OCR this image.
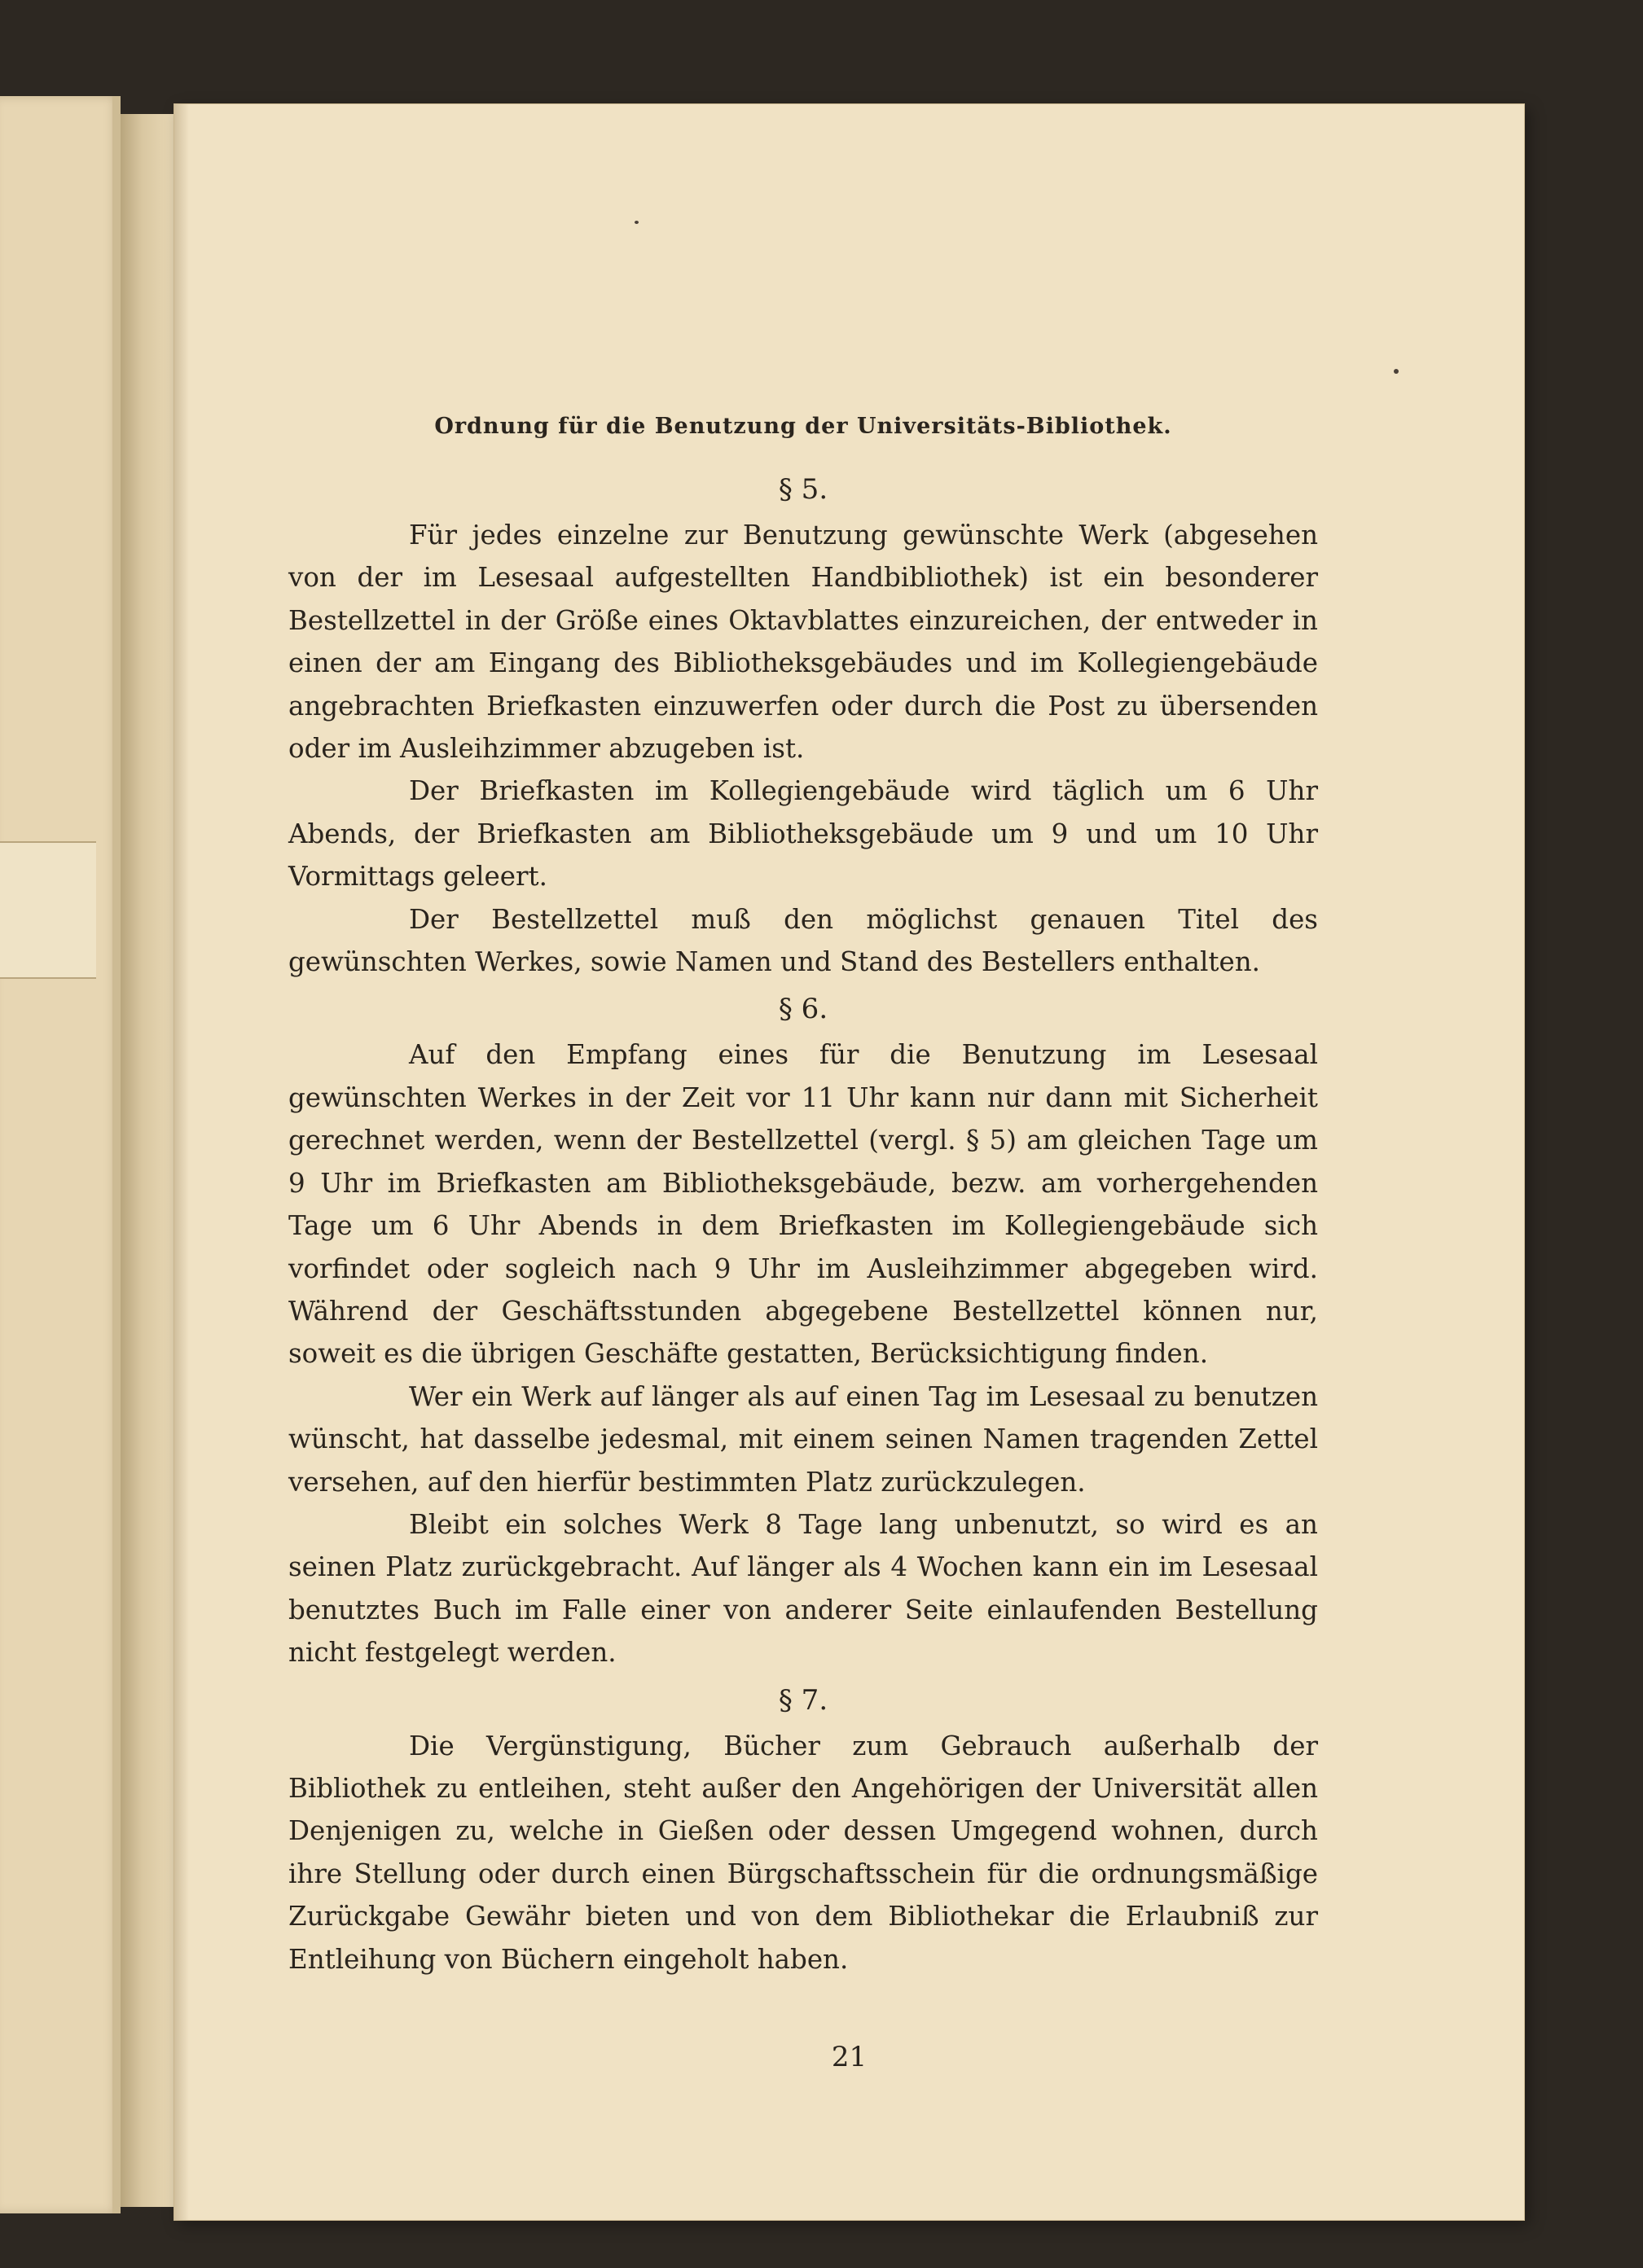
Ordnung für die Benutzung der Universitäts-Bibliothek.
§ 5.

Für jedes einzelne zur Benutzung gewünschte Werk (abgesehen von der im Lesesaal aufgestellten Handbibliothek) ist ein besonderer Bestellzettel in der Größe eines Oktavblattes einzureichen, der entweder in einen der am Eingang des Bibliotheksgebäudes und im Kollegiengebäude angebrachten Briefkasten einzuwerfen oder durch die Post zu übersenden oder im Ausleihzimmer abzugeben ist.

Der Briefkasten im Kollegiengebäude wird täglich um 6 Uhr Abends, der Briefkasten am Bibliotheksgebäude um 9 und um 10 Uhr Vormittags geleert.

Der Bestellzettel muß den möglichst genauen Titel des gewünschten Werkes, sowie Namen und Stand des Bestellers enthalten.

§ 6.

Auf den Empfang eines für die Benutzung im Lesesaal gewünschten Werkes in der Zeit vor 11 Uhr kann nur dann mit Sicherheit gerechnet werden, wenn der Bestellzettel (vergl. § 5) am gleichen Tage um 9 Uhr im Briefkasten am Bibliotheksgebäude, bezw. am vorhergehenden Tage um 6 Uhr Abends in dem Briefkasten im Kollegiengebäude sich vorfindet oder sogleich nach 9 Uhr im Ausleihzimmer abgegeben wird. Während der Geschäftsstunden abgegebene Bestellzettel können nur, soweit es die übrigen Geschäfte gestatten, Berücksichtigung finden.

Wer ein Werk auf länger als auf einen Tag im Lesesaal zu benutzen wünscht, hat dasselbe jedesmal, mit einem seinen Namen tragenden Zettel versehen, auf den hierfür bestimmten Platz zurückzulegen.

Bleibt ein solches Werk 8 Tage lang unbenutzt, so wird es an seinen Platz zurückgebracht. Auf länger als 4 Wochen kann ein im Lesesaal benutztes Buch im Falle einer von anderer Seite einlaufenden Bestellung nicht festgelegt werden.

§ 7.

Die Vergünstigung, Bücher zum Gebrauch außerhalb der Bibliothek zu entleihen, steht außer den Angehörigen der Universität allen Denjenigen zu, welche in Gießen oder dessen Umgegend wohnen, durch ihre Stellung oder durch einen Bürgschaftsschein für die ordnungsmäßige Zurückgabe Gewähr bieten und von dem Bibliothekar die Erlaubniß zur Entleihung von Büchern eingeholt haben.

21
